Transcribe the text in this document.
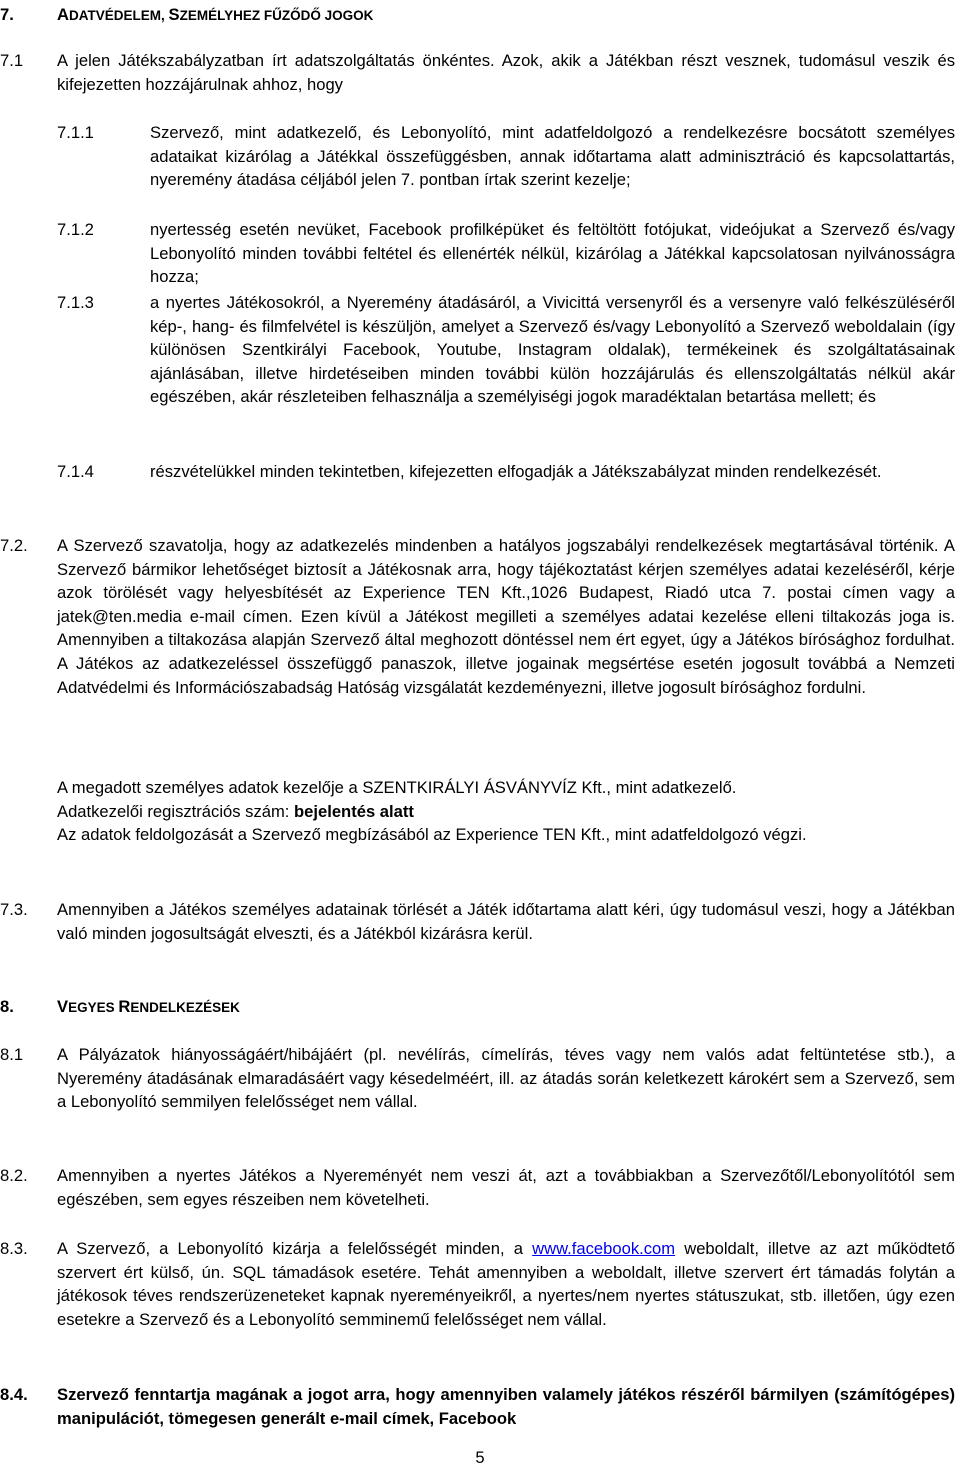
7.	ADATVÉDELEM, SZEMÉLYHEZ FŰZŐDŐ JOGOK
7.1 A jelen Játékszabályzatban írt adatszolgáltatás önkéntes. Azok, akik a Játékban részt vesznek, tudomásul veszik és kifejezetten hozzájárulnak ahhoz, hogy
7.1.1	Szervező, mint adatkezelő, és Lebonyolító, mint adatfeldolgozó a rendelkezésre bocsátott személyes adataikat kizárólag a Játékkal összefüggésben, annak időtartama alatt adminisztráció és kapcsolattartás, nyeremény átadása céljából jelen 7. pontban írtak szerint kezelje;
7.1.2	nyertesség esetén nevüket, Facebook profilképüket és feltöltött fotójukat, videójukat a Szervező és/vagy Lebonyolító minden további feltétel és ellenérték nélkül, kizárólag a Játékkal kapcsolatosan nyilvánosságra hozza;
7.1.3	a nyertes Játékosokról, a Nyeremény átadásáról, a Vivicittá versenyről és a versenyre való felkészüléséről kép-, hang- és filmfelvétel is készüljön, amelyet a Szervező és/vagy Lebonyolító a Szervező weboldalain (így különösen Szentkirályi Facebook, Youtube, Instagram oldalak), termékeinek és szolgáltatásainak ajánlásában, illetve hirdetéseiben minden további külön hozzájárulás és ellenszolgáltatás nélkül akár egészében, akár részleteiben felhasználja a személyiségi jogok maradéktalan betartása mellett; és
7.1.4	részvételükkel minden tekintetben, kifejezetten elfogadják a Játékszabályzat minden rendelkezését.
7.2. A Szervező szavatolja, hogy az adatkezelés mindenben a hatályos jogszabályi rendelkezések megtartásával történik. A Szervező bármikor lehetőséget biztosít a Játékosnak arra, hogy tájékoztatást kérjen személyes adatai kezeléséről, kérje azok törölését vagy helyesbítését az Experience TEN Kft.,1026 Budapest, Riadó utca 7. postai címen vagy a jatek@ten.media e-mail címen. Ezen kívül a Játékost megilleti a személyes adatai kezelése elleni tiltakozás joga is. Amennyiben a tiltakozása alapján Szervező által meghozott döntéssel nem ért egyet, úgy a Játékos bírósághoz fordulhat. A Játékos az adatkezeléssel összefüggő panaszok, illetve jogainak megsértése esetén jogosult továbbá a Nemzeti Adatvédelmi és Információszabadság Hatóság vizsgálatát kezdeményezni, illetve jogosult bírósághoz fordulni.
A megadott személyes adatok kezelője a SZENTKIRÁLYI ÁSVÁNYVÍZ Kft., mint adatkezelő.
Adatkezelői regisztrációs szám: bejelentés alatt
Az adatok feldolgozását a Szervező megbízásából az Experience TEN Kft., mint adatfeldolgozó végzi.
7.3. Amennyiben a Játékos személyes adatainak törlését a Játék időtartama alatt kéri, úgy tudomásul veszi, hogy a Játékban való minden jogosultságát elveszti, és a Játékból kizárásra kerül.
8.	VEGYES RENDELKEZÉSEK
8.1 A Pályázatok hiányosságáért/hibájáért (pl. nevélírás, címelírás, téves vagy nem valós adat feltüntetése stb.), a Nyeremény átadásának elmaradásáért vagy késedelméért, ill. az átadás során keletkezett károkért sem a Szervező, sem a Lebonyolító semmilyen felelősséget nem vállal.
8.2. Amennyiben a nyertes Játékos a Nyereményét nem veszi át, azt a továbbiakban a Szervezőtől/Lebonyolítótól sem egészében, sem egyes részeiben nem követelheti.
8.3. A Szervező, a Lebonyolító kizárja a felelősségét minden, a www.facebook.com weboldalt, illetve az azt működtető szervert ért külső, ún. SQL támadások esetére. Tehát amennyiben a weboldalt, illetve szervert ért támadás folytán a játékosok téves rendszerüzeneteket kapnak nyereményeikről, a nyertes/nem nyertes státuszukat, stb. illetően, úgy ezen esetekre a Szervező és a Lebonyolító semminemű felelősséget nem vállal.
8.4. Szervező fenntartja magának a jogot arra, hogy amennyiben valamely játékos részéről bármilyen (számítógépes) manipulációt, tömegesen generált e-mail címek, Facebook
5
